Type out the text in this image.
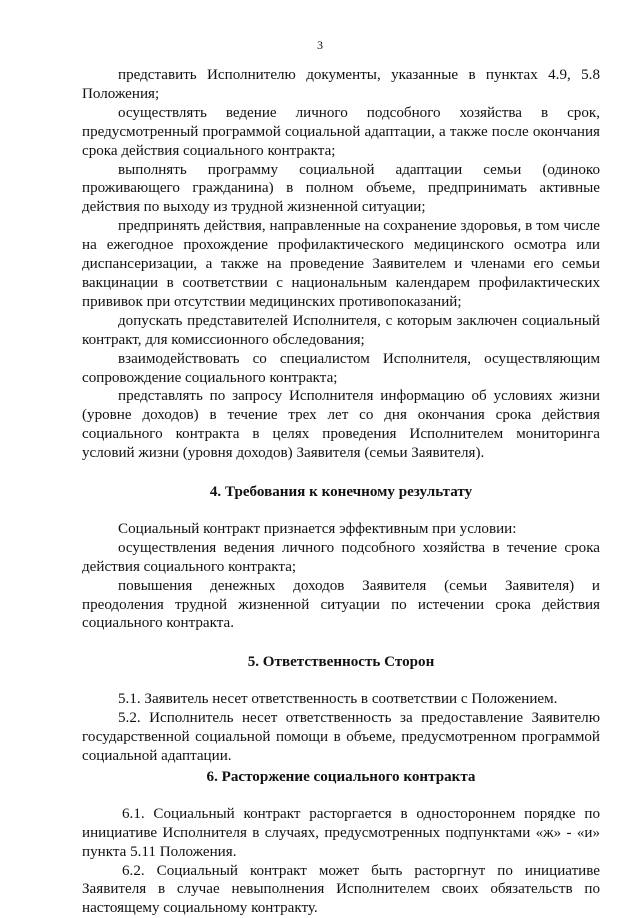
3

представить Исполнителю документы, указанные в пунктах 4.9, 5.8 Положения;

осуществлять ведение личного подсобного хозяйства в срок, предусмотренный программой социальной адаптации, а также после окончания срока действия социального контракта;

выполнять программу социальной адаптации семьи (одиноко проживающего гражданина) в полном объеме, предпринимать активные действия по выходу из трудной жизненной ситуации;

предпринять действия, направленные на сохранение здоровья, в том числе на ежегодное прохождение профилактического медицинского осмотра или диспансеризации, а также на проведение Заявителем и членами его семьи вакцинации в соответствии с национальным календарем профилактических прививок при отсутствии медицинских противопоказаний;

допускать представителей Исполнителя, с которым заключен социальный контракт, для комиссионного обследования;

взаимодействовать со специалистом Исполнителя, осуществляющим сопровождение социального контракта;

представлять по запросу Исполнителя информацию об условиях жизни (уровне доходов) в течение трех лет со дня окончания срока действия социального контракта в целях проведения Исполнителем мониторинга условий жизни (уровня доходов) Заявителя (семьи Заявителя).

4. Требования к конечному результату

Социальный контракт признается эффективным при условии:

осуществления ведения личного подсобного хозяйства в течение срока действия социального контракта;

повышения денежных доходов Заявителя (семьи Заявителя) и преодоления трудной жизненной ситуации по истечении срока действия социального контракта.

5. Ответственность Сторон

5.1. Заявитель несет ответственность в соответствии с Положением.

5.2. Исполнитель несет ответственность за предоставление Заявителю государственной социальной помощи в объеме, предусмотренном программой социальной адаптации.

6. Расторжение социального контракта

6.1. Социальный контракт расторгается в одностороннем порядке по инициативе Исполнителя в случаях, предусмотренных подпунктами «ж» - «и» пункта 5.11 Положения.

6.2. Социальный контракт может быть расторгнут по инициативе Заявителя в случае невыполнения Исполнителем своих обязательств по настоящему социальному контракту.
